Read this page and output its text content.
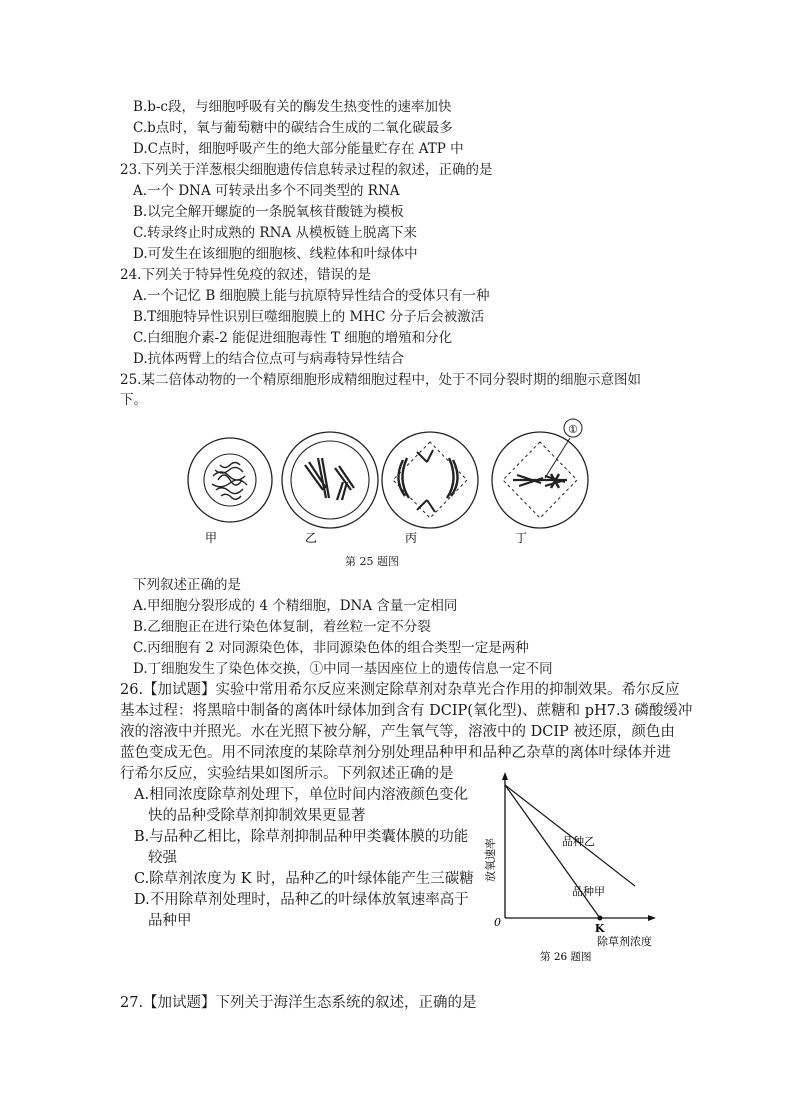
B.b-c段，与细胞呼吸有关的酶发生热变性的速率加快
C.b点时，氧与葡萄糖中的碳结合生成的二氧化碳最多
D.C点时，细胞呼吸产生的绝大部分能量贮存在 ATP 中
23.下列关于洋葱根尖细胞遗传信息转录过程的叙述，正确的是
A.一个 DNA 可转录出多个不同类型的 RNA
B.以完全解开螺旋的一条脱氧核苷酸链为模板
C.转录终止时成熟的 RNA 从模板链上脱离下来
D.可发生在该细胞的细胞核、线粒体和叶绿体中
24.下列关于特异性免疫的叙述，错误的是
A.一个记忆 B 细胞膜上能与抗原特异性结合的受体只有一种
B.T细胞特异性识别巨噬细胞膜上的 MHC 分子后会被激活
C.白细胞介素-2 能促进细胞毒性 T 细胞的增殖和分化
D.抗体两臂上的结合位点可与病毒特异性结合
25.某二倍体动物的一个精原细胞形成精细胞过程中，处于不同分裂时期的细胞示意图如
下。
①
甲	乙	丙	丁
第 25 题图
下列叙述正确的是
A.甲细胞分裂形成的 4 个精细胞，DNA 含量一定相同
B.乙细胞正在进行染色体复制，着丝粒一定不分裂
C.丙细胞有 2 对同源染色体，非同源染色体的组合类型一定是两种
D.丁细胞发生了染色体交换，①中同一基因座位上的遗传信息一定不同
26.【加试题】实验中常用希尔反应来测定除草剂对杂草光合作用的抑制效果。希尔反应
基本过程：将黑暗中制备的离体叶绿体加到含有 DCIP(氧化型)、蔗糖和 pH7.3 磷酸缓冲
液的溶液中并照光。水在光照下被分解，产生氧气等，溶液中的 DCIP 被还原，颜色由
蓝色变成无色。用不同浓度的某除草剂分别处理品种甲和品种乙杂草的离体叶绿体并进
行希尔反应，实验结果如图所示。下列叙述正确的是
A.相同浓度除草剂处理下，单位时间内溶液颜色变化
快的品种受除草剂抑制效果更显著
B.与品种乙相比，除草剂抑制品种甲类囊体膜的功能
较强
C.除草剂浓度为 K 时，品种乙的叶绿体能产生三碳糖
D.不用除草剂处理时，品种乙的叶绿体放氧速率高于
品种甲
品种乙
品种甲
0	K
除草剂浓度
放氧速率
第 26 题图
27.【加试题】下列关于海洋生态系统的叙述，正确的是
